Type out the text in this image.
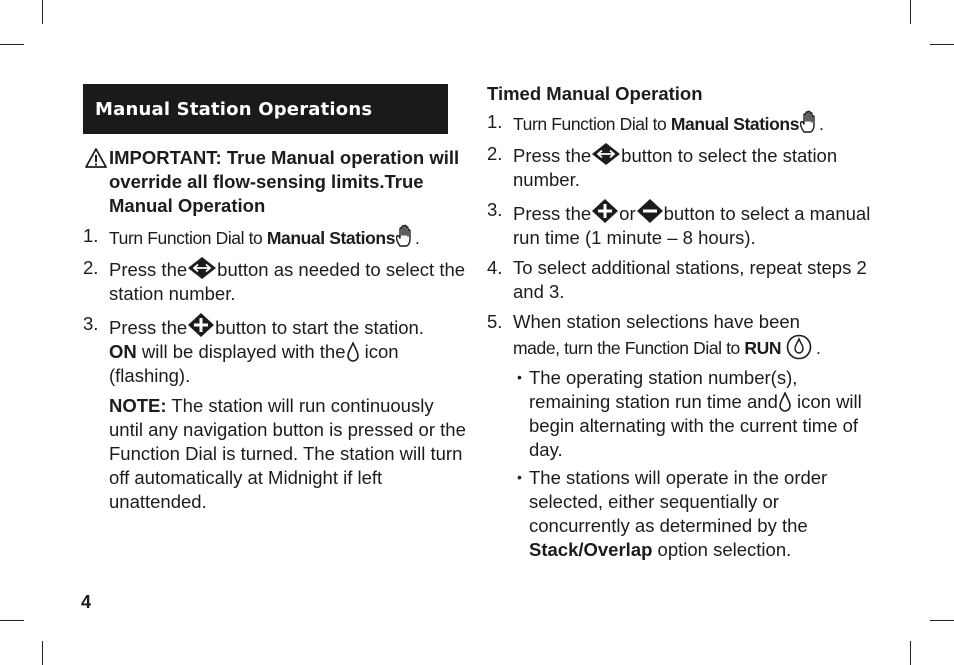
Manual Station Operations
IMPORTANT: True Manual operation will override all flow-sensing limits.True Manual Operation
1. Turn Function Dial to Manual Stations .
2. Press the button as needed to select the station number.
3. Press the button to start the station.
ON will be displayed with the icon (flashing).

NOTE: The station will run continuously until any navigation button is pressed or the Function Dial is turned. The station will turn off automatically at Midnight if left unattended.

Timed Manual Operation
1. Turn Function Dial to Manual Stations .
2. Press the button to select the station number.
3. Press the or button to select a manual run time (1 minute – 8 hours).
4. To select additional stations, repeat steps 2 and 3.
5. When station selections have been
made, turn the Function Dial to RUN .
• The operating station number(s), remaining station run time and icon will begin alternating with the current time of day.
• The stations will operate in the order selected, either sequentially or concurrently as determined by the Stack/Overlap option selection.
4
